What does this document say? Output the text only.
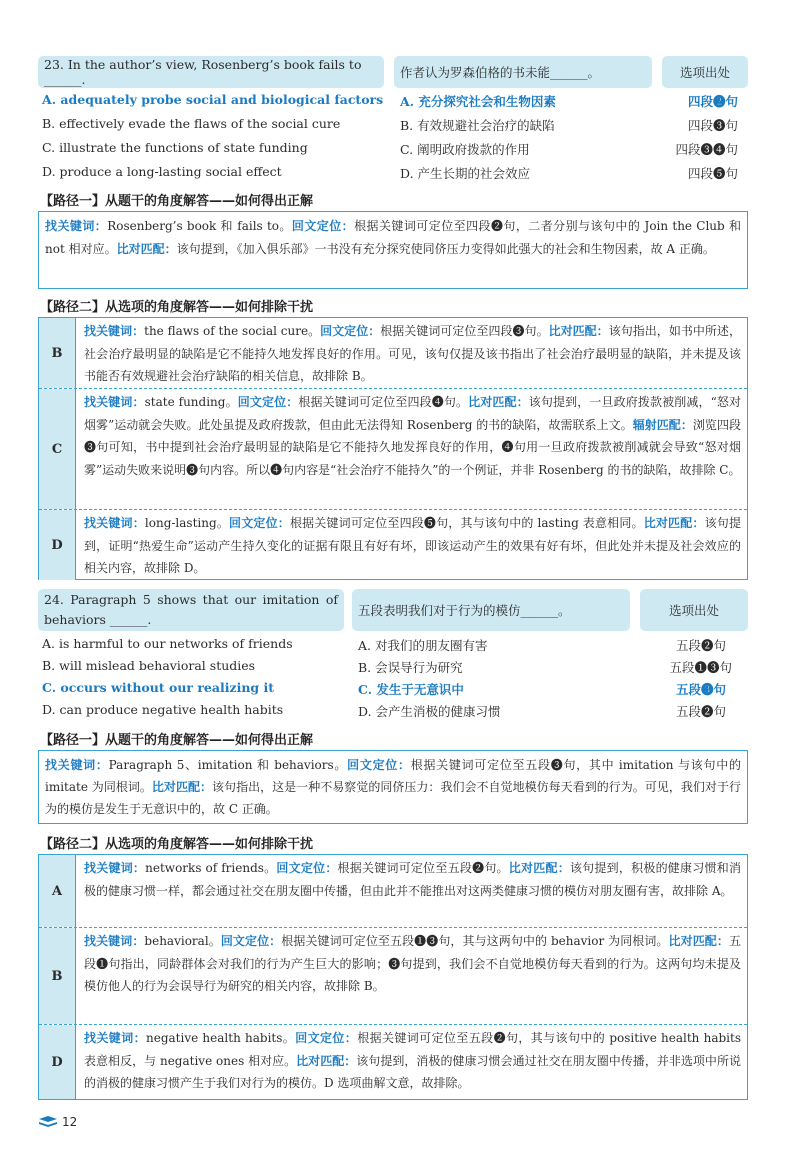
23. In the author’s view, Rosenberg’s book fails to ______.	作者认为罗森伯格的书未能______。	选项出处
A. adequately probe social and biological factors A. 充分探究社会和生物因素	四段❷句
B. effectively evade the flaws of the social cure	B. 有效规避社会治疗的缺陷	四段❸句
C. illustrate the functions of state funding	C. 阐明政府拨款的作用	四段❸❹句
D. produce a long-lasting social effect	D. 产生长期的社会效应	四段❺句
【路径一】从题干的角度解答——如何得出正解

找关键词：Rosenberg’s book 和 fails to。回文定位：根据关键词可定位至四段❷句，二者分别与该句中的 Join the Club 和 not 相对应。比对匹配：该句提到，《加入俱乐部》一书没有充分探究使同侪压力变得如此强大的社会和生物因素，故 A 正确。

【路径二】从选项的角度解答——如何排除干扰
B

找关键词：the flaws of the social cure。回文定位：根据关键词可定位至四段❸句。比对匹配：该句指出，如书中所述，社会治疗最明显的缺陷是它不能持久地发挥良好的作用。可见，该句仅提及该书指出了社会治疗最明显的缺陷，并未提及该书能否有效规避社会治疗缺陷的相关信息，故排除 B。

C

找关键词：state funding。回文定位：根据关键词可定位至四段❹句。比对匹配：该句提到，一旦政府拨款被削减，“怒对烟雾”运动就会失败。此处虽提及政府拨款，但由此无法得知 Rosenberg 的书的缺陷，故需联系上文。辐射匹配：浏览四段❸句可知，书中提到社会治疗最明显的缺陷是它不能持久地发挥良好的作用，❹句用一旦政府拨款被削减就会导致“怒对烟雾”运动失败来说明❸句内容。所以❹句内容是“社会治疗不能持久”的一个例证，并非 Rosenberg 的书的缺陷，故排除 C。

D

找关键词：long-lasting。回文定位：根据关键词可定位至四段❺句，其与该句中的 lasting 表意相同。比对匹配：该句提到，证明“热爱生命”运动产生持久变化的证据有限且有好有坏，即该运动产生的效果有好有坏，但此处并未提及社会效应的相关内容，故排除 D。

24. Paragraph 5 shows that our imitation of behaviors ______.
五段表明我们对于行为的模仿______。	选项出处
A. is harmful to our networks of friends	A. 对我们的朋友圈有害	五段❷句
B. will mislead behavioral studies	B. 会误导行为研究	五段❶❸句
C. occurs without our realizing it	C. 发生于无意识中	五段❸句
D. can produce negative health habits	D. 会产生消极的健康习惯	五段❷句
【路径一】从题干的角度解答——如何得出正解

找关键词：Paragraph 5、imitation 和 behaviors。回文定位：根据关键词可定位至五段❸句，其中 imitation 与该句中的 imitate 为同根词。比对匹配：该句指出，这是一种不易察觉的同侪压力：我们会不自觉地模仿每天看到的行为。可见，我们对于行为的模仿是发生于无意识中的，故 C 正确。

【路径二】从选项的角度解答——如何排除干扰
A

找关键词：networks of friends。回文定位：根据关键词可定位至五段❷句。比对匹配：该句提到，积极的健康习惯和消极的健康习惯一样，都会通过社交在朋友圈中传播，但由此并不能推出对这两类健康习惯的模仿对朋友圈有害，故排除 A。

B

找关键词：behavioral。回文定位：根据关键词可定位至五段❶❸句，其与这两句中的 behavior 为同根词。比对匹配：五段❶句指出，同龄群体会对我们的行为产生巨大的影响；❸句提到，我们会不自觉地模仿每天看到的行为。这两句均未提及模仿他人的行为会误导行为研究的相关内容，故排除 B。

D

找关键词：negative health habits。回文定位：根据关键词可定位至五段❷句，其与该句中的 positive health habits 表意相反，与 negative ones 相对应。比对匹配：该句提到，消极的健康习惯会通过社交在朋友圈中传播，并非选项中所说的消极的健康习惯产生于我们对行为的模仿。D 选项曲解文意，故排除。

12
